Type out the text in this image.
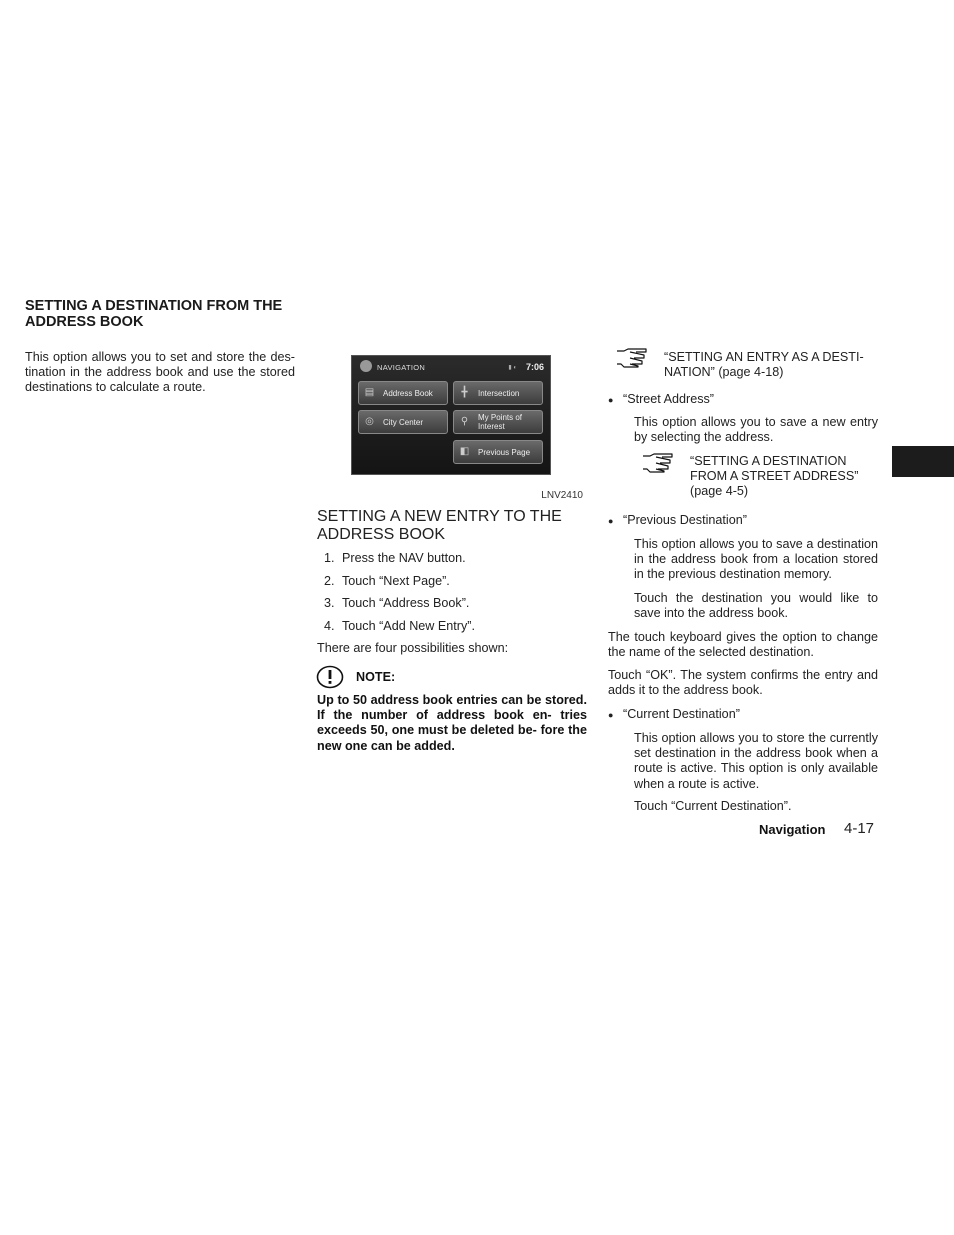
SETTING A DESTINATION FROM THE ADDRESS BOOK
This option allows you to set and store the des- tination in the address book and use the stored destinations to calculate a route.
NAVIGATION	▮ ◐ 7:06
▤ Address Book	╋	Intersection
◎ City Center	⚲ My Points of Interest
◧ Previous Page
LNV2410
SETTING A NEW ENTRY TO THE ADDRESS BOOK
1. Press the NAV button.
2. Touch “Next Page”.
3. Touch “Address Book”.
4. Touch “Add New Entry”.
There are four possibilities shown:
NOTE:
Up to 50 address book entries can be stored. If the number of address book en- tries exceeds 50, one must be deleted be- fore the new one can be added.
“SETTING AN ENTRY AS A DESTI- NATION” (page 4-18)
● “Street Address”
This option allows you to save a new entry by selecting the address.
“SETTING A DESTINATION FROM A STREET ADDRESS” (page 4-5)
● “Previous Destination”
This option allows you to save a destination in the address book from a location stored in the previous destination memory.
Touch the destination you would like to save into the address book.
The touch keyboard gives the option to change the name of the selected destination.
Touch “OK”. The system confirms the entry and adds it to the address book.
● “Current Destination”
This option allows you to store the currently set destination in the address book when a route is active. This option is only available when a route is active.
Touch “Current Destination”.
Navigation 4-17
